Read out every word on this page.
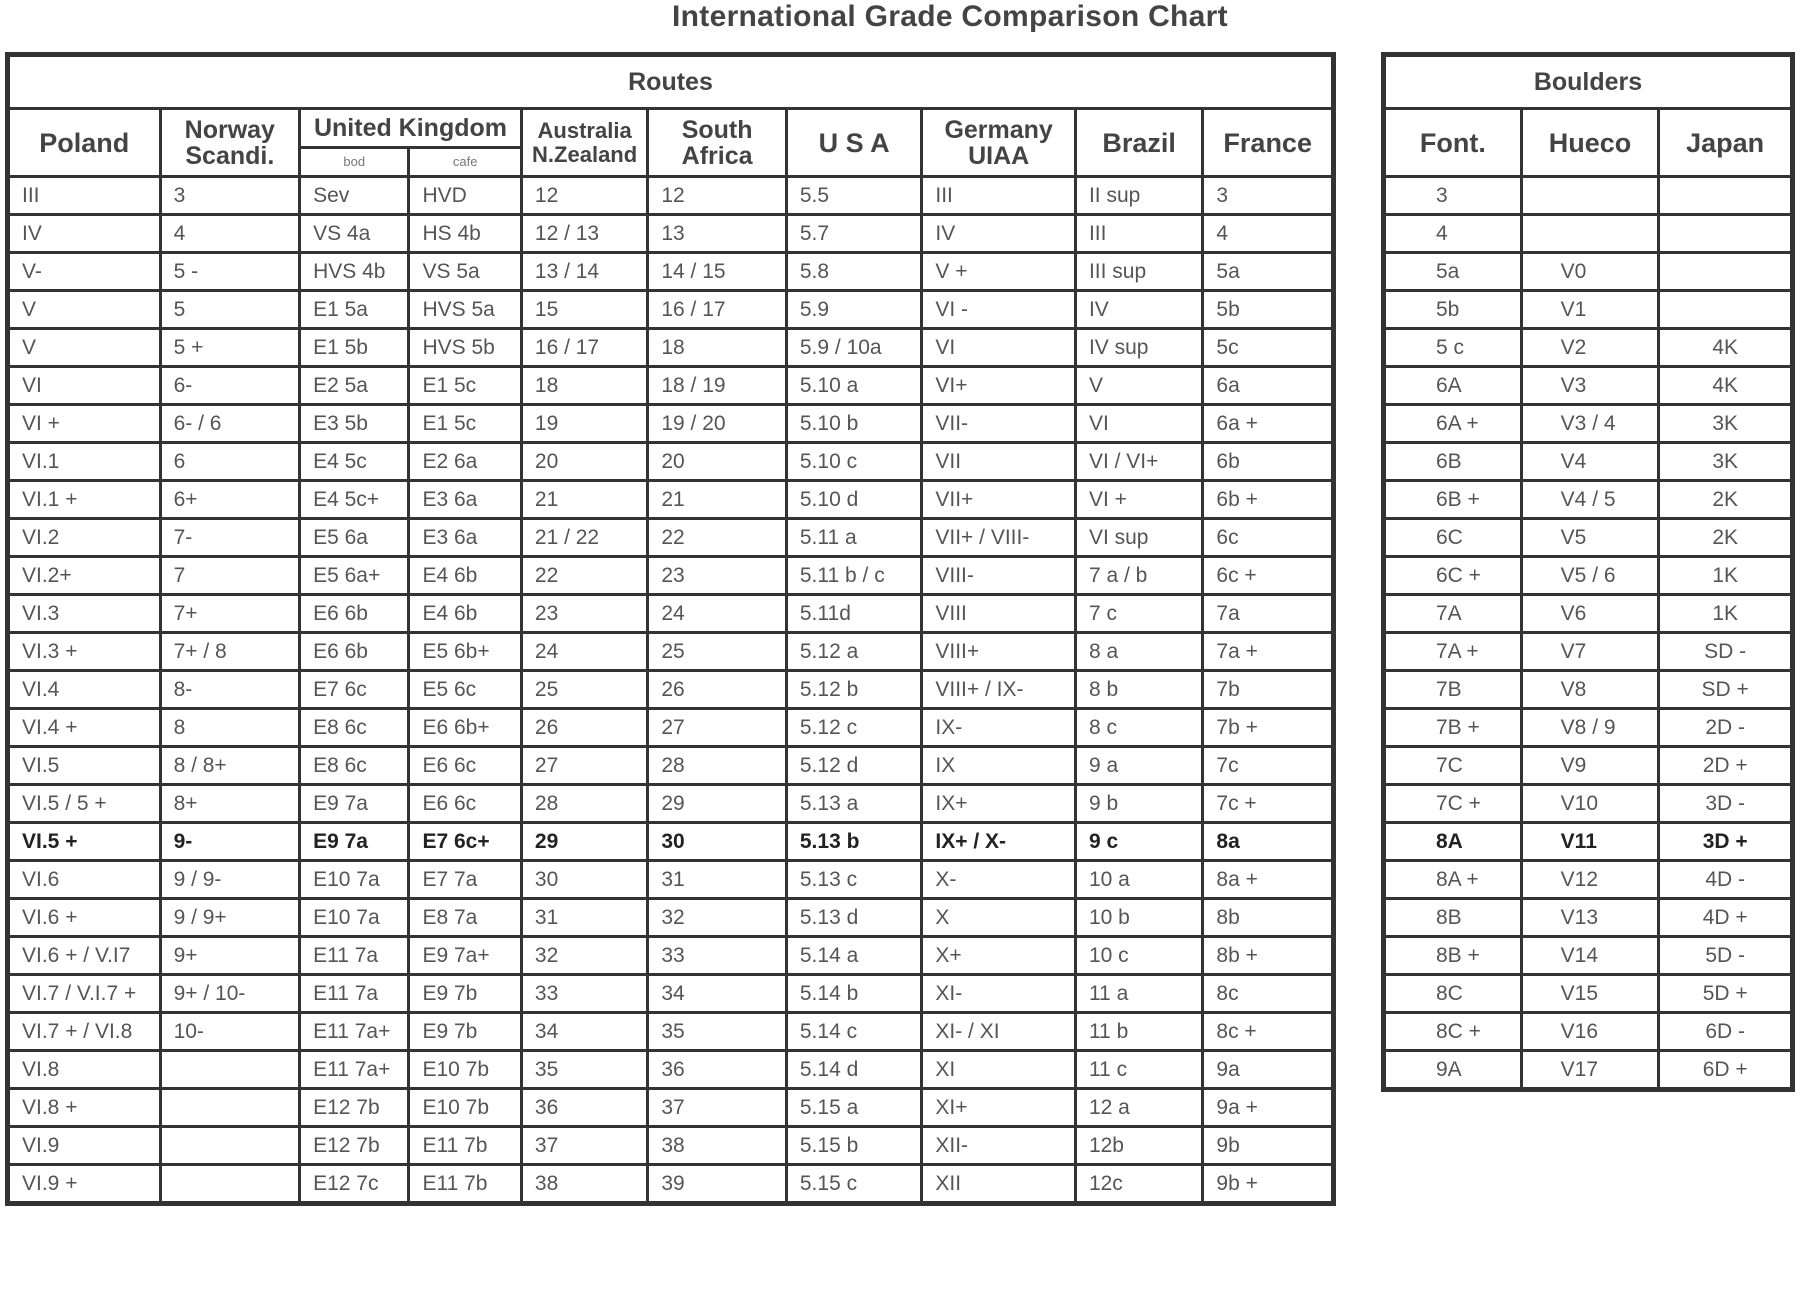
International Grade Comparison Chart
Routes									
Poland	Norway
Scandi.	United Kingdom		Australia
N.Zealand	South
Africa	U S A	Germany
UIAA	Brazil	France
		bod	cafe						
III	3	Sev	HVD	12	12	5.5	III	II sup	3
IV	4	VS 4a	HS 4b	12 / 13	13	5.7	IV	III	4
V-	5 -	HVS 4b	VS 5a	13 / 14	14 / 15	5.8	V +	III sup	5a
V	5	E1 5a	HVS 5a	15	16 / 17	5.9	VI -	IV	5b
V	5 +	E1 5b	HVS 5b	16 / 17	18	5.9 / 10a	VI	IV sup	5c
VI	6-	E2 5a	E1 5c	18	18 / 19	5.10 a	VI+	V	6a
VI +	6- / 6	E3 5b	E1 5c	19	19 / 20	5.10 b	VII-	VI	6a +
VI.1	6	E4 5c	E2 6a	20	20	5.10 c	VII	VI / VI+	6b
VI.1 +	6+	E4 5c+	E3 6a	21	21	5.10 d	VII+	VI +	6b +
VI.2	7-	E5 6a	E3 6a	21 / 22	22	5.11 a	VII+ / VIII-	VI sup	6c
VI.2+	7	E5 6a+	E4 6b	22	23	5.11 b / c	VIII-	7 a / b	6c +
VI.3	7+	E6 6b	E4 6b	23	24	5.11d	VIII	7 c	7a
VI.3 +	7+ / 8	E6 6b	E5 6b+	24	25	5.12 a	VIII+	8 a	7a +
VI.4	8-	E7 6c	E5 6c	25	26	5.12 b	VIII+ / IX-	8 b	7b
VI.4 +	8	E8 6c	E6 6b+	26	27	5.12 c	IX-	8 c	7b +
VI.5	8 / 8+	E8 6c	E6 6c	27	28	5.12 d	IX	9 a	7c
VI.5 / 5 +	8+	E9 7a	E6 6c	28	29	5.13 a	IX+	9 b	7c +
VI.5 +	9-	E9 7a	E7 6c+	29	30	5.13 b	IX+ / X-	9 c	8a
VI.6	9 / 9-	E10 7a	E7 7a	30	31	5.13 c	X-	10 a	8a +
VI.6 +	9 / 9+	E10 7a	E8 7a	31	32	5.13 d	X	10 b	8b
VI.6 + / V.I7	9+	E11 7a	E9 7a+	32	33	5.14 a	X+	10 c	8b +
VI.7 / V.I.7 +	9+ / 10-	E11 7a	E9 7b	33	34	5.14 b	XI-	11 a	8c
VI.7 + / VI.8	10-	E11 7a+	E9 7b	34	35	5.14 c	XI- / XI	11 b	8c +
VI.8		E11 7a+	E10 7b	35	36	5.14 d	XI	11 c	9a
VI.8 +		E12 7b	E10 7b	36	37	5.15 a	XI+	12 a	9a +
VI.9		E12 7b	E11 7b	37	38	5.15 b	XII-	12b	9b
VI.9 +		E12 7c	E11 7b	38	39	5.15 c	XII	12c	9b +
Boulders		
Font.	Hueco	Japan
3		
4		
5a	V0	
5b	V1	
5 c	V2	4K
6A	V3	4K
6A +	V3 / 4	3K
6B	V4	3K
6B +	V4 / 5	2K
6C	V5	2K
6C +	V5 / 6	1K
7A	V6	1K
7A +	V7	SD -
7B	V8	SD +
7B +	V8 / 9	2D -
7C	V9	2D +
7C +	V10	3D -
8A	V11	3D +
8A +	V12	4D -
8B	V13	4D +
8B +	V14	5D -
8C	V15	5D +
8C +	V16	6D -
9A	V17	6D +
